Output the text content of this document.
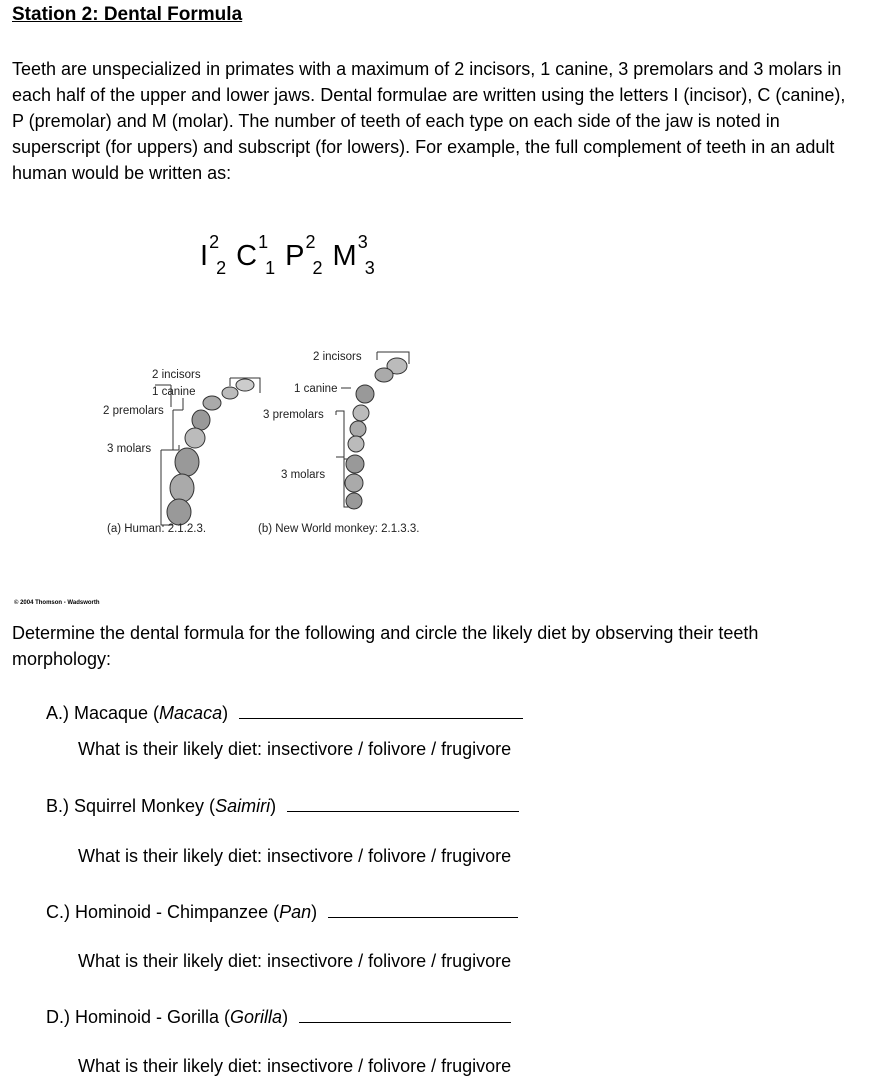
Station 2: Dental Formula
Teeth are unspecialized in primates with a maximum of 2 incisors, 1 canine, 3 premolars and 3 molars in each half of the upper and lower jaws. Dental formulae are written using the letters I (incisor), C (canine), P (premolar) and M (molar). The number of teeth of each type on each side of the jaw is noted in superscript (for uppers) and subscript (for lowers). For example, the full complement of teeth in an adult human would be written as:
I 2
2 C 1
1 P 2
2 M 3
3
2 incisors
1 canine
2 premolars
3 molars
(a) Human: 2.1.2.3.
2 incisors
1 canine
3 premolars
3 molars
(b) New World monkey: 2.1.3.3.
© 2004 Thomson - Wadsworth
Determine the dental formula for the following and circle the likely diet by observing their teeth morphology:
A.) Macaque (Macaca)
What is their likely diet: insectivore / folivore / frugivore
B.) Squirrel Monkey (Saimiri)
What is their likely diet: insectivore / folivore / frugivore
C.) Hominoid - Chimpanzee (Pan)
What is their likely diet: insectivore / folivore / frugivore
D.) Hominoid - Gorilla (Gorilla)
What is their likely diet: insectivore / folivore / frugivore
